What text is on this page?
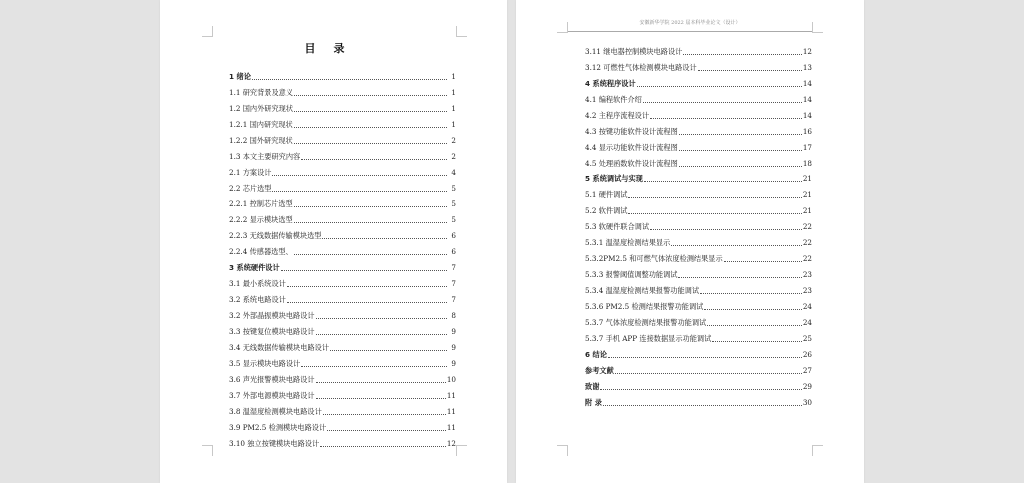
目录
1 绪论	1
1.1 研究背景及意义	1
1.2 国内外研究现状	1
1.2.1 国内研究现状	1
1.2.2 国外研究现状	2
1.3 本文主要研究内容	2
2.1 方案设计	4
2.2 芯片选型	5
2.2.1 控制芯片选型	5
2.2.2 显示模块选型	5
2.2.3 无线数据传输模块选型	6
2.2.4 传感器选型、	6
3 系统硬件设计	7
3.1 最小系统设计	7
3.2 系统电路设计	7
3.2 外部晶振模块电路设计	8
3.3 按键复位模块电路设计	9
3.4 无线数据传输模块电路设计	9
3.5 显示模块电路设计	9
3.6 声光报警模块电路设计	10
3.7 外部电源模块电路设计	11
3.8 温湿度检测模块电路设计	11
3.9 PM2.5 检测模块电路设计	11
3.10 独立按键模块电路设计	12
安徽新华学院 2022 届本科毕业论文（设计）
3.11 继电器控制模块电路设计	12
3.12 可燃性气体检测模块电路设计	13
4 系统程序设计	14
4.1 编程软件介绍	14
4.2 主程序流程设计	14
4.3 按键功能软件设计流程图	16
4.4 显示功能软件设计流程图	17
4.5 处理函数软件设计流程图	18
5 系统调试与实现	21
5.1 硬件调试	21
5.2 软件调试	21
5.3 软硬件联合调试	22
5.3.1 温湿度检测结果显示	22
5.3.2PM2.5 和可燃气体浓度检测结果显示	22
5.3.3 报警阈值调整功能调试	23
5.3.4 温湿度检测结果报警功能调试	23
5.3.6 PM2.5 检测结果报警功能调试	24
5.3.7 气体浓度检测结果报警功能调试	24
5.3.7 手机 APP 连接数据显示功能调试	25
6 结论	26
参考文献	27
致谢	29
附 录	30
